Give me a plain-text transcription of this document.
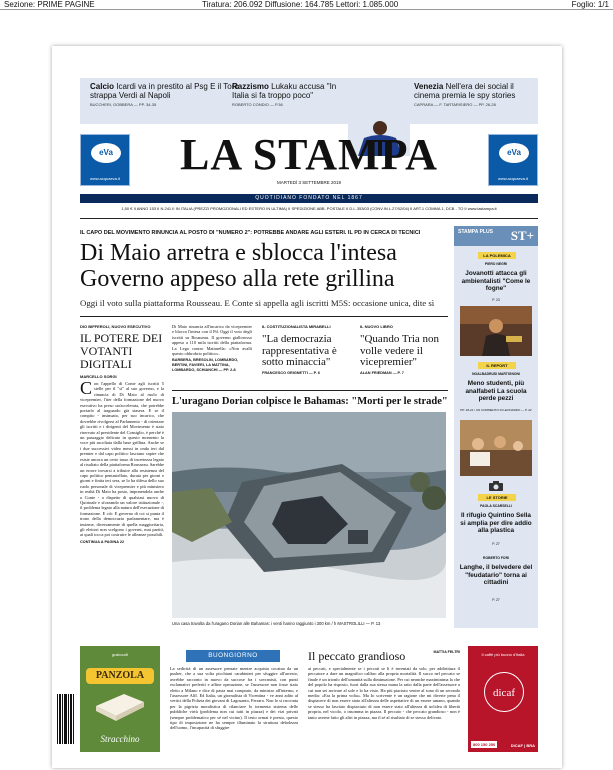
Sezione: PRIME PAGINE	Tiratura: 206.092 Diffusione: 164.785 Lettori: 1.085.000	Foglio: 1/1
Calcio Icardi va in prestito al Psg E il Toro strappa Verdi al Napoli
BUCCHERI, GOBBERA — PP. 34-35
Razzismo Lukaku accusa "In Italia si fa troppo poco"
ROBERTO CONDIO — P.36
Venezia Nell'era dei social il cinema premia le spy stories
CAPRARA — F. TARTARISIERO — PP. 26-28
eVa
www.acquaeva.it	LA STAMPA
MARTEDÌ 3 SETTEMBRE 2019
eVa
www.acquaeva.it
QUOTIDIANO FONDATO NEL 1867
1,50 € II ANNO 153 II N.241 II IN ITALIA (PREZZI PROMOZIONALI ED ESTERO IN ULTIMA) II SPEDIZIONE ABB. POSTALE II D.L.353/03 (CONV.IN L.27/02/04) II ART.1 COMMA 1, DCB - TO II www.lastampa.it
IL CAPO DEL MOVIMENTO RINUNCIA AL POSTO DI "NUMERO 2": POTREBBE ANDARE AGLI ESTERI. IL PD IN CERCA DI TECNICI
Di Maio arretra e sblocca l'intesa Governo appeso alla rete grillina
Oggi il voto sulla piattaforma Rousseau. E Conte si appella agli iscritti M5S: occasione unica, dite sì
DIO BIFFEROLI, NUOVO ESECUTIVO
IL POTERE DEI VOTANTI DIGITALI
MARCELLO SORGI
C on l'appello di Conte agli iscritti 5 stelle per il "sì" al suo governo, e la rinuncia di Di Maio al ruolo di vicepremier, l'iter della formazione del nuovo esecutivo ha preso un'accelerata, che potrebbe portarlo al traguardo già stasera. E se il compito - insinuato, per suo incarico, che dovrebbe rivolgersi al Parlamento - di orientare gli iscritti e i dirigenti del Movimento è stato riservato al presidente del Consiglio, è perché è un passaggio delicato in questo momento la voce più ascoltata dalla base grillina. Anche se i due successivi video messi in onda ieri dal premier e dal capo politico lasciano capire che esiste ancora un certo tasso di incertezza legato al risultato della piattaforma Rousseau. Sarebbe un errore trovarsi a tribuire alla resistenza del capo politico pentastellato, durata per giorni e giorni e finita ieri sera, se lo ha difesa dello suo ruolo personale di vicepremier e più ministero in realtà Di Maio ha posto, imponendola anche a Conte - a dispetto di qualsiasi nuovo di Quirinale e sforzando un valore istituzionale -, il problema legato alla natura dell'esecuzione di formazione. E ciò: E governo di coi si punta il trono della democrazia parlamentare, ma è insieme, diversamente di quella maggioritaria, gli elettori non scelgono i governi, mai partiti, ai quali tocca poi costruire le alleanze possibili.
CONTINUA A PAGINA 22
Di Maio rinuncia all'incarico da vicepremier e blocca l'intesa con il Pd. Oggi il voto degli iscritti su Rousseau. Il governo giallorosso appeso a 110 mila iscritti della piattaforma. La Lega contro Mattarella: «Non avalli questo obbrobrio politico».
BARBERA, BRESOLIN, LOMBARDO, BERTINI, FAVIERI, LA MATTINA, LOMBARDO, SCHIANCHI — PP. 2-8
IL COSTITUZIONALISTA MIRABELLI
"La democrazia rappresentativa è sotto minaccia"
FRANCESCO GRIGNETTI — P. 6
IL NUOVO LIBRO
"Quando Tria non volle vedere il vicepremier"
ALAN FRIEDMAN — P. 7
L'uragano Dorian colpisce le Bahamas: "Morti per le strade"
Una casa travolta da l'uragano Dorian alle Bahamas: i venti hanno raggiunto i 300 km / h MASTROLILLI — P. 13
STAMPA PLUS ST+
LA POLEMICA
PIERO NEGRI
Jovanotti attacca gli ambientalisti "Come le fogne"
P. 23
IL REPORT
NOALBADRUSI MARTIGNONI
Meno studenti, più analfabeti La scuola perde pezzi
PP. 18-21 / UN COMMENTO DI LEONARDO — P. 22
LE STORIE
PAOLA SCARSELLI
Il rifugio Quintino Sella si amplia per dire addio alla plastica
P. 27
ROBERTO FORI
Langhe, il belvedere del "feudatario" torna ai cittadini
P. 27
gustocofi
PANZOLA
Stracchino
BUONGIORNO
La sedicità di un assessore pensate mentre acquista cocaina da un pusher, che a sua volta picchiani carabinieri per sfuggire all'arresto, avrebbe racconto in nuovo da succose fra i sovranisti, con punti esclamativi preferiti e affine operazione, se l'assessore non fosse stato eletto a Milano e dice di pasta mai comprato, da ministro all'interno, e l'assessore Alff. Ed Italia, un giornalista di Vicentina - ve anni adito al vertici della Polizia dei giovani di Lagosanto, Ferrara. Non lo si racconta per la pigrizia moralistica di rilanciare lo tormenta sistema delle pubbliche virtù (problema non cui tutti in piazza) e dei vizi privati (sempre problematico per sé nel vicino). Il testo ormai è presto, questo tipo di imposizione ne ha sempre illuminato la struttura debolezza dell'uomo, l'incapacità di sfuggire
Il peccato grandioso	MATTIA FELTRI
ai peccati, e specialmente se i peccati se li è inventati da solo, per addirittura il peccatore a dare un magnifico calibro alla propria mortalità. Il succo nel peccato se finale è un trionfo dell'umanità sulla diminuzione. Per cui neanche maximinima la che del popolo ha risposto, fuori dalla sua stessa mana la ratio dalla parte dell'assessore a cui non sei arrivare al sole e lo ha visto. Ha più piaciuto venire al sono di un secondo media: «Era la prima volta». Ma Io scrivente è un ragione che mi diverte pena il dispiacere di non essere stato all'altezza delle aspettative di un essere umano, quando se stesso ha lasciato dispiaciuto di non essere stato all'altezza di un'idea di libertà propria, nel vicolo, o insomma in piazza. Il peccato - che peccato grandioso - non è tanto averne fatto gli altri in piazza, ma il sé al risultato di se stesso delivato.
Il caffè più buono d'Italia
dicaf
800 150 250	DICAF | BRA
